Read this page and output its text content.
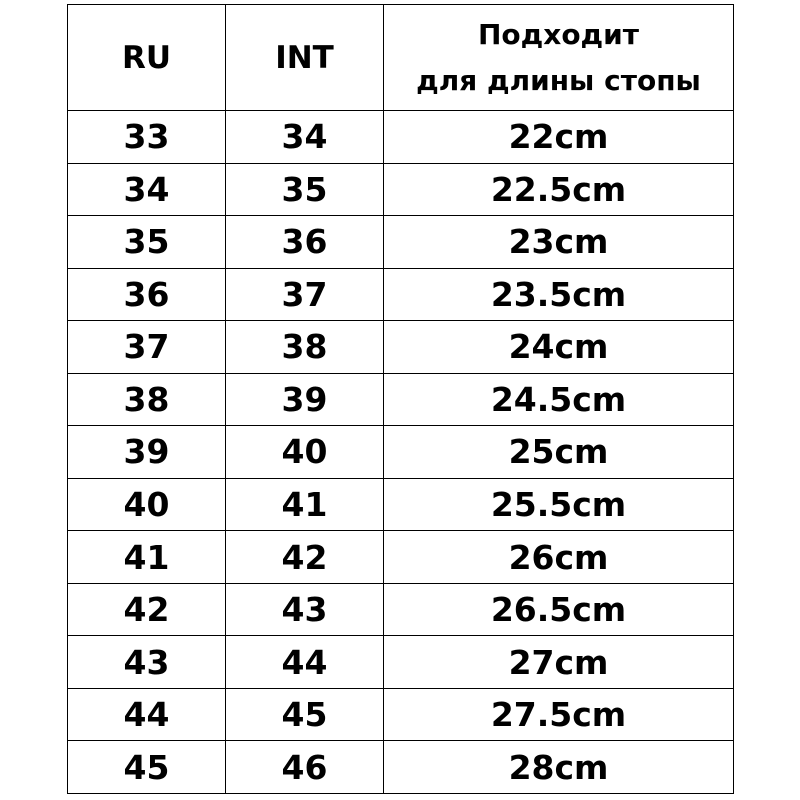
RU	INT	Подходит
для длины стопы

33	34	22cm
34	35	22.5cm
35	36	23cm
36	37	23.5cm
37	38	24cm
38	39	24.5cm
39	40	25cm
40	41	25.5cm
41	42	26cm
42	43	26.5cm
43	44	27cm
44	45	27.5cm
45	46	28cm
